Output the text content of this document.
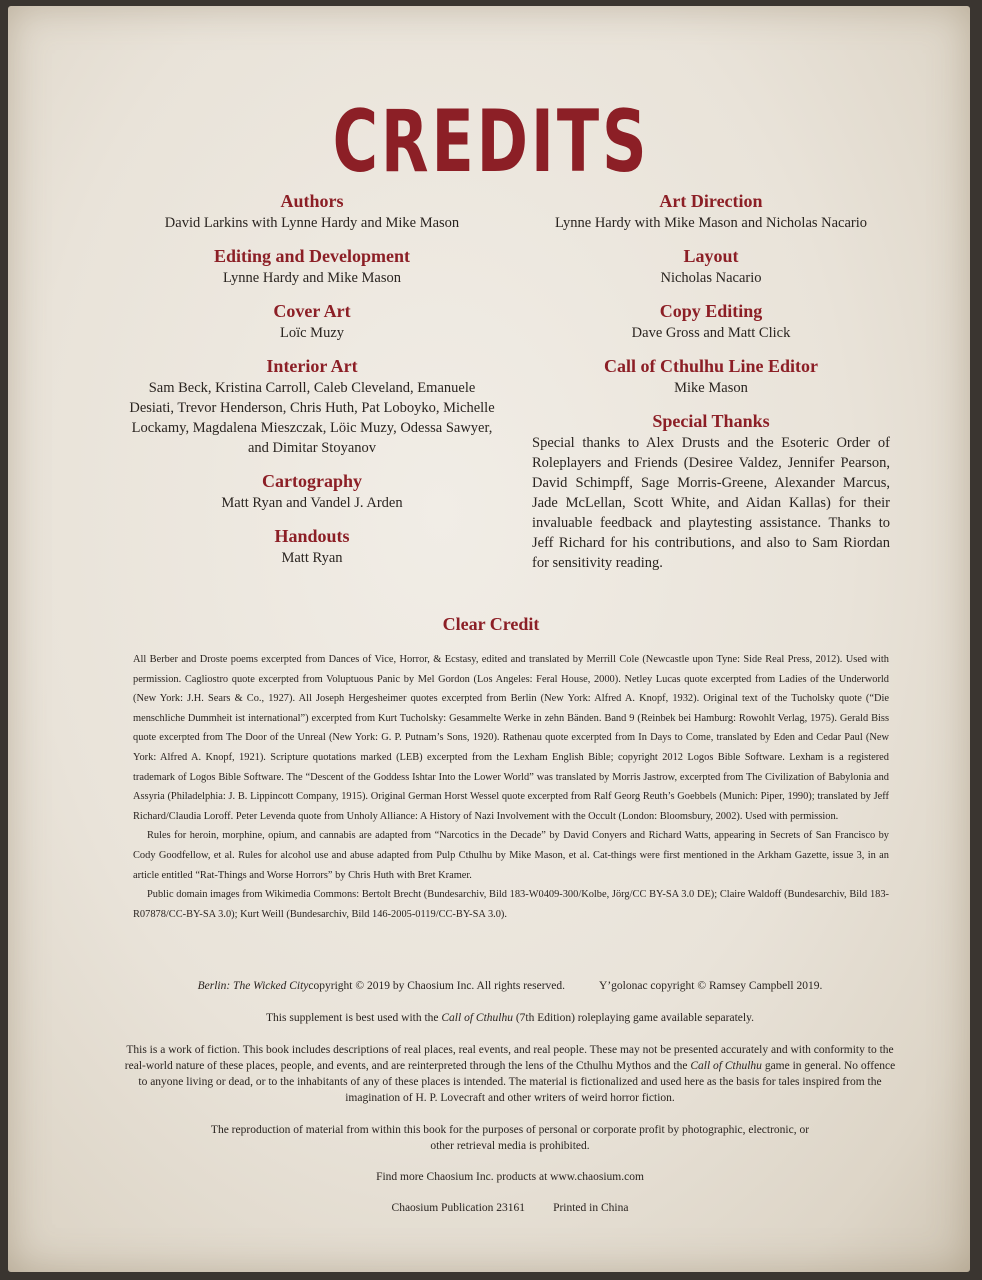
CREDITS
Authors
David Larkins with Lynne Hardy and Mike Mason
Editing and Development
Lynne Hardy and Mike Mason
Cover Art
Loïc Muzy
Interior Art
Sam Beck, Kristina Carroll, Caleb Cleveland, Emanuele Desiati, Trevor Henderson, Chris Huth, Pat Loboyko, Michelle Lockamy, Magdalena Mieszczak, Löic Muzy, Odessa Sawyer, and Dimitar Stoyanov
Cartography
Matt Ryan and Vandel J. Arden
Handouts
Matt Ryan
Art Direction
Lynne Hardy with Mike Mason and Nicholas Nacario
Layout
Nicholas Nacario
Copy Editing
Dave Gross and Matt Click
Call of Cthulhu Line Editor
Mike Mason
Special Thanks
Special thanks to Alex Drusts and the Esoteric Order of Roleplayers and Friends (Desiree Valdez, Jennifer Pearson, David Schimpff, Sage Morris-Greene, Alexander Marcus, Jade McLellan, Scott White, and Aidan Kallas) for their invaluable feedback and playtesting assistance. Thanks to Jeff Richard for his contributions, and also to Sam Riordan for sensitivity reading.
Clear Credit

All Berber and Droste poems excerpted from Dances of Vice, Horror, & Ecstasy, edited and translated by Merrill Cole (Newcastle upon Tyne: Side Real Press, 2012). Used with permission. Cagliostro quote excerpted from Voluptuous Panic by Mel Gordon (Los Angeles: Feral House, 2000). Netley Lucas quote excerpted from Ladies of the Underworld (New York: J.H. Sears & Co., 1927). All Joseph Hergesheimer quotes excerpted from Berlin (New York: Alfred A. Knopf, 1932). Original text of the Tucholsky quote (“Die menschliche Dummheit ist international”) excerpted from Kurt Tucholsky: Gesammelte Werke in zehn Bänden. Band 9 (Reinbek bei Hamburg: Rowohlt Verlag, 1975). Gerald Biss quote excerpted from The Door of the Unreal (New York: G. P. Putnam’s Sons, 1920). Rathenau quote excerpted from In Days to Come, translated by Eden and Cedar Paul (New York: Alfred A. Knopf, 1921). Scripture quotations marked (LEB) excerpted from the Lexham English Bible; copyright 2012 Logos Bible Software. Lexham is a registered trademark of Logos Bible Software. The “Descent of the Goddess Ishtar Into the Lower World” was translated by Morris Jastrow, excerpted from The Civilization of Babylonia and Assyria (Philadelphia: J. B. Lippincott Company, 1915). Original German Horst Wessel quote excerpted from Ralf Georg Reuth’s Goebbels (Munich: Piper, 1990); translated by Jeff Richard/Claudia Loroff. Peter Levenda quote from Unholy Alliance: A History of Nazi Involvement with the Occult (London: Bloomsbury, 2002). Used with permission.

Rules for heroin, morphine, opium, and cannabis are adapted from “Narcotics in the Decade” by David Conyers and Richard Watts, appearing in Secrets of San Francisco by Cody Goodfellow, et al. Rules for alcohol use and abuse adapted from Pulp Cthulhu by Mike Mason, et al. Cat-things were first mentioned in the Arkham Gazette, issue 3, in an article entitled “Rat-Things and Worse Horrors” by Chris Huth with Bret Kramer.

Public domain images from Wikimedia Commons: Bertolt Brecht (Bundesarchiv, Bild 183-W0409-300/Kolbe, Jörg/CC BY-SA 3.0 DE); Claire Waldoff (Bundesarchiv, Bild 183-R07878/CC-BY-SA 3.0); Kurt Weill (Bundesarchiv, Bild 146-2005-0119/CC-BY-SA 3.0).

Berlin: The Wicked Citycopyright © 2019 by Chaosium Inc. All rights reserved.	Y’golonac copyright © Ramsey Campbell 2019.
This supplement is best used with the Call of Cthulhu (7th Edition) roleplaying game available separately.
This is a work of fiction. This book includes descriptions of real places, real events, and real people. These may not be presented accurately and with conformity to the real-world nature of these places, people, and events, and are reinterpreted through the lens of the Cthulhu Mythos and the Call of Cthulhu game in general. No offence to anyone living or dead, or to the inhabitants of any of these places is intended. The material is fictionalized and used here as the basis for tales inspired from the imagination of H. P. Lovecraft and other writers of weird horror fiction.
The reproduction of material from within this book for the purposes of personal or corporate profit by photographic, electronic, or other retrieval media is prohibited.
Find more Chaosium Inc. products at www.chaosium.com
Chaosium Publication 23161 Printed in China
